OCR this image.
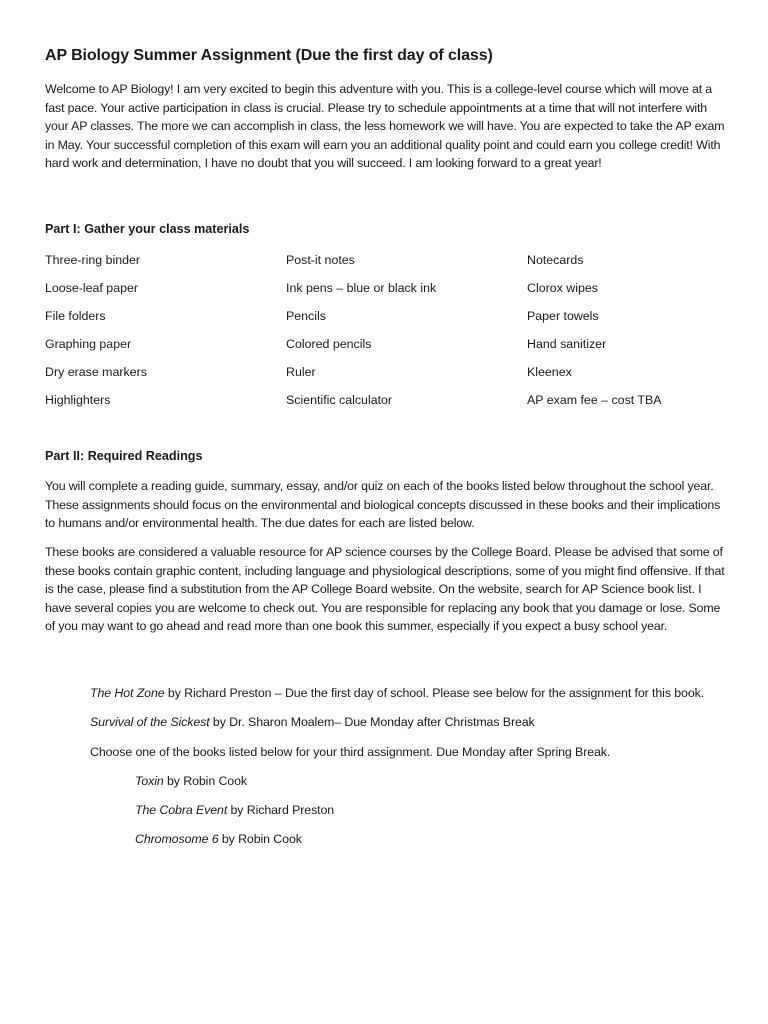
AP Biology Summer Assignment (Due the first day of class)
Welcome to AP Biology! I am very excited to begin this adventure with you. This is a college-level course which will move at a fast pace. Your active participation in class is crucial. Please try to schedule appointments at a time that will not interfere with your AP classes. The more we can accomplish in class, the less homework we will have. You are expected to take the AP exam in May. Your successful completion of this exam will earn you an additional quality point and could earn you college credit! With hard work and determination, I have no doubt that you will succeed. I am looking forward to a great year!
Part I: Gather your class materials
Three-ring binder
Loose-leaf paper
File folders
Graphing paper
Dry erase markers
Highlighters
Post-it notes
Ink pens – blue or black ink
Pencils
Colored pencils
Ruler
Scientific calculator
Notecards
Clorox wipes
Paper towels
Hand sanitizer
Kleenex
AP exam fee – cost TBA
Part II: Required Readings
You will complete a reading guide, summary, essay, and/or quiz on each of the books listed below throughout the school year. These assignments should focus on the environmental and biological concepts discussed in these books and their implications to humans and/or environmental health. The due dates for each are listed below.
These books are considered a valuable resource for AP science courses by the College Board. Please be advised that some of these books contain graphic content, including language and physiological descriptions, some of you might find offensive. If that is the case, please find a substitution from the AP College Board website. On the website, search for AP Science book list. I have several copies you are welcome to check out. You are responsible for replacing any book that you damage or lose. Some of you may want to go ahead and read more than one book this summer, especially if you expect a busy school year.
The Hot Zone by Richard Preston – Due the first day of school. Please see below for the assignment for this book.
Survival of the Sickest by Dr. Sharon Moalem– Due Monday after Christmas Break
Choose one of the books listed below for your third assignment. Due Monday after Spring Break.
Toxin by Robin Cook
The Cobra Event by Richard Preston
Chromosome 6 by Robin Cook
